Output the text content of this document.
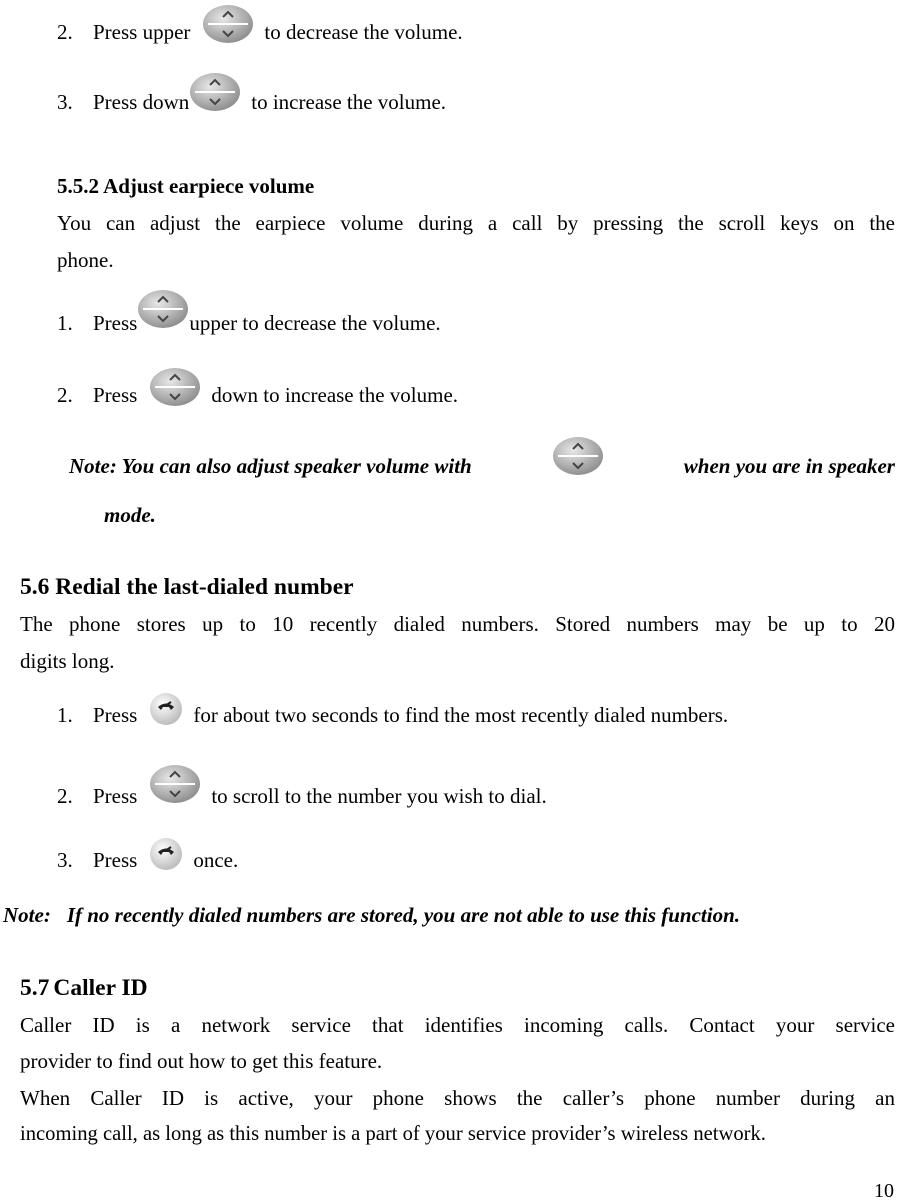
2. Press upper	to decrease the volume.
3. Press down	to increase the volume.
5.5.2 Adjust earpiece volume
You can adjust the earpiece volume during a call by pressing the scroll keys on the
phone.
1. Press upper to decrease the volume.
2. Press	down to increase the volume.
Note: You can also adjust speaker volume with	when you are in speaker
mode.
5.6 Redial the last-dialed number
The phone stores up to 10 recently dialed numbers. Stored numbers may be up to 20
digits long.
1. Press	for about two seconds to find the most recently dialed numbers.
2. Press	to scroll to the number you wish to dial.
3. Press	once.
Note: If no recently dialed numbers are stored, you are not able to use this function.
5.7 Caller ID
Caller ID is a network service that identifies incoming calls. Contact your service
provider to find out how to get this feature.
When Caller ID is active, your phone shows the caller’s phone number during an
incoming call, as long as this number is a part of your service provider’s wireless network.
10
